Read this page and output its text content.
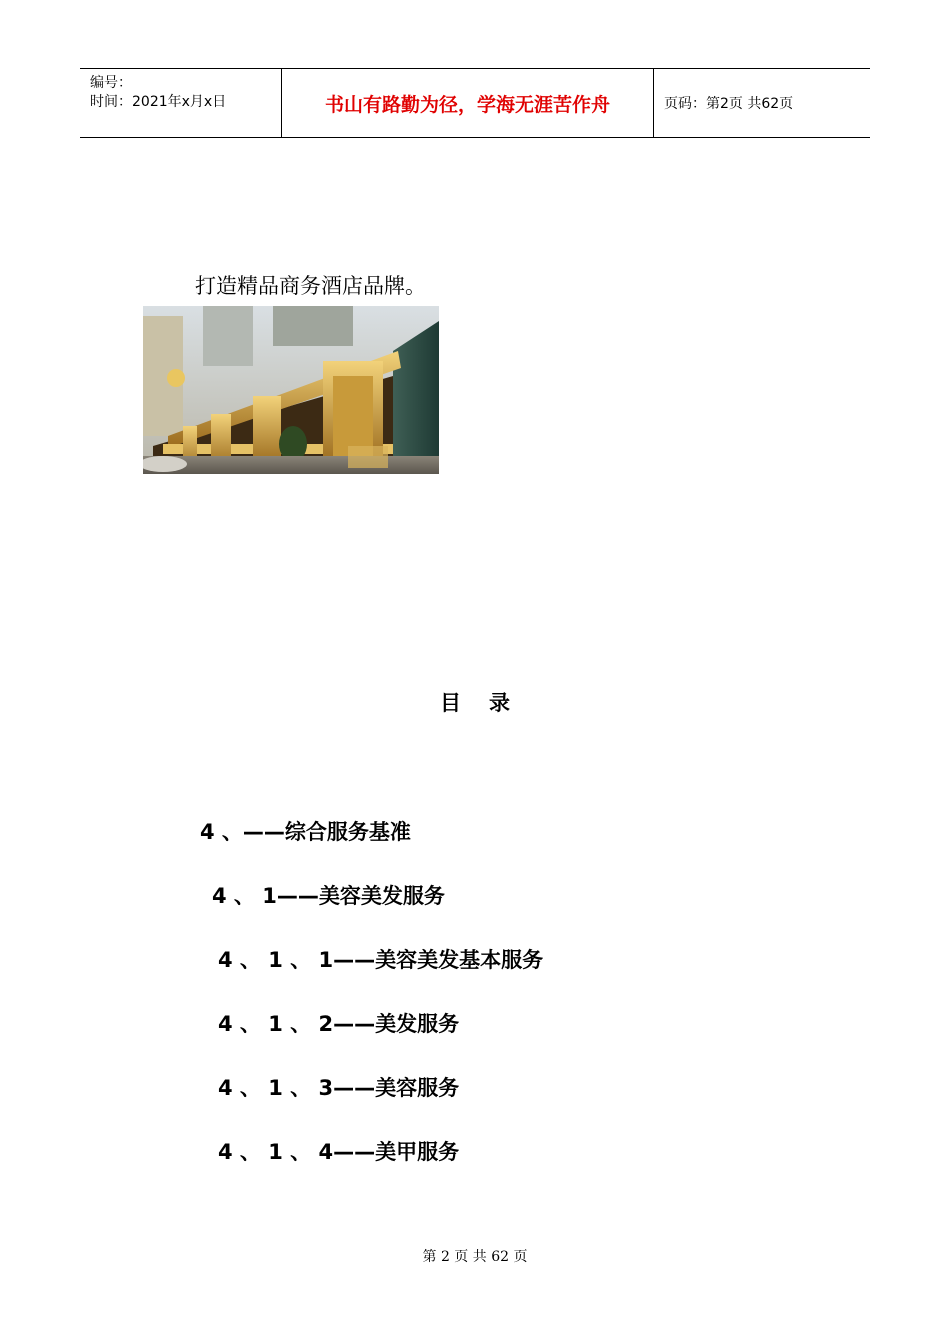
编号：
时间：2021年x月x日	书山有路勤为径，学海无涯苦作舟	页码：第2页 共62页
打造精品商务酒店品牌。
目录
4 、——综合服务基准
4 、 1——美容美发服务
4 、 1 、 1——美容美发基本服务
4 、 1 、 2——美发服务
4 、 1 、 3——美容服务
4 、 1 、 4——美甲服务
第 2 页 共 62 页
